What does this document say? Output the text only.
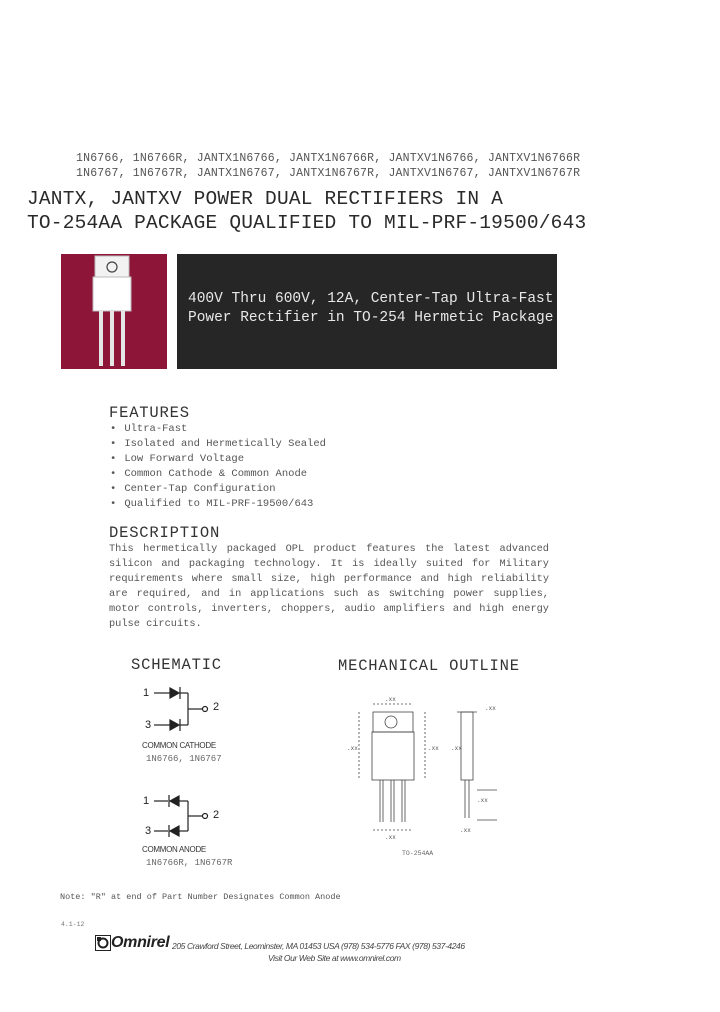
1N6766, 1N6766R, JANTX1N6766, JANTX1N6766R, JANTXV1N6766, JANTXV1N6766R
1N6767, 1N6767R, JANTX1N6767, JANTX1N6767R, JANTXV1N6767, JANTXV1N6767R
JANTX, JANTXV POWER DUAL RECTIFIERS IN A
TO-254AA PACKAGE QUALIFIED TO MIL-PRF-19500/643
400V Thru 600V, 12A, Center-Tap Ultra-Fast
Power Rectifier in TO-254 Hermetic Package
FEATURES
• Ultra-Fast
• Isolated and Hermetically Sealed
• Low Forward Voltage
• Common Cathode & Common Anode
• Center-Tap Configuration
• Qualified to MIL-PRF-19500/643
DESCRIPTION
This hermetically packaged OPL product features the latest advanced silicon and packaging technology. It is ideally suited for Military requirements where small size, high performance and high reliability are required, and in applications such as switching power supplies, motor controls, inverters, choppers, audio amplifiers and high energy pulse circuits.
SCHEMATIC
1
2
3
1
2
3
COMMON CATHODE
1N6766, 1N6767
COMMON ANODE
1N6766R, 1N6767R
MECHANICAL OUTLINE
.xx
.xx	.xx
.xx
.xx
.xx
.xx
.xx
TO-254AA
Note: "R" at end of Part Number Designates Common Anode
4.1-12
Omnirel 205 Crawford Street, Leominster, MA 01453 USA (978) 534-5776 FAX (978) 537-4246
Visit Our Web Site at www.omnirel.com
